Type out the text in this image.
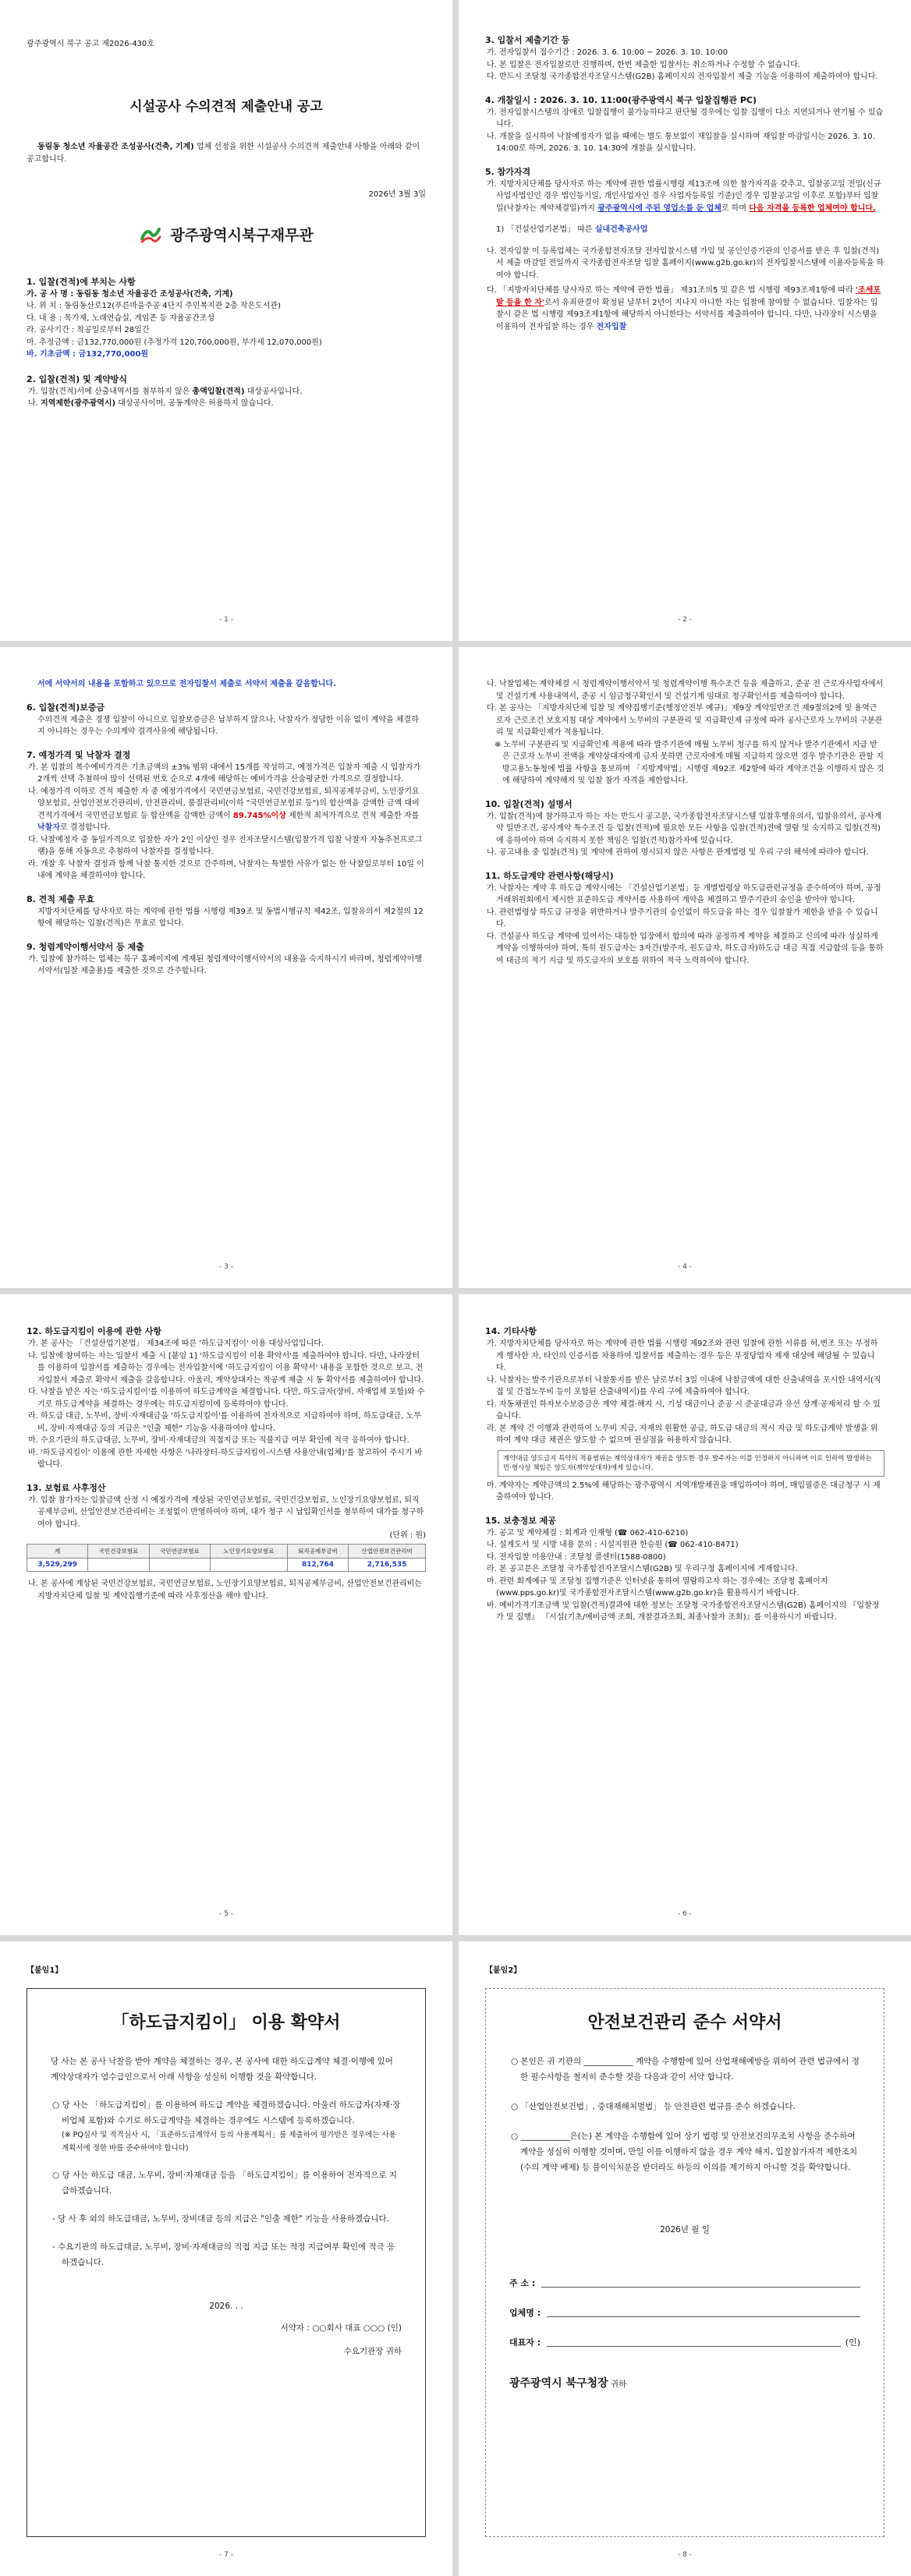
광주광역시 북구 공고 제2026-430호
시설공사 수의견적 제출안내 공고
동림동 청소년 자율공간 조성공사(건축, 기계) 업체 선정을 위한 시설공사 수의견적 제출안내 사항을 아래와 같이 공고합니다.
2026년 3월 3일
광주광역시북구재무관
1. 입찰(견적)에 부치는 사항
가. 공 사 명 : 동림동 청소년 자율공간 조성공사(건축, 기계)
나. 위 치 : 동림동산로12(푸른마을주공 4단지 주민복지관 2층 작은도서관)
다. 내 용 : 목가재, 노래연습실, 게임존 등 자율공간조성
라. 공사기간 : 착공일로부터 28일간
마. 추정금액 : 금132,770,000원 (추정가격 120,700,000원, 부가세 12,070,000원)
바. 기초금액 : 금132,770,000원
2. 입찰(견적) 및 계약방식
가. 입찰(견적)서에 산출내역서를 첨부하지 않은 총액입찰(견적) 대상공사입니다.
나. 지역제한(광주광역시) 대상공사이며, 공동계약은 허용하지 않습니다.
- 1 -
3. 입찰서 제출기간 등
가. 전자입찰서 접수기간 : 2026. 3. 6. 10:00 ~ 2026. 3. 10. 10:00
나. 본 입찰은 전자입찰로만 진행하며, 한번 제출한 입찰서는 취소하거나 수정할 수 없습니다.
다. 반드시 조달청 국가종합전자조달시스템(G2B) 홈페이지의 전자입찰서 제출 기능을 이용하여 제출하여야 합니다.
4. 개찰일시 : 2026. 3. 10. 11:00(광주광역시 북구 입찰집행관 PC)
가. 전자입찰시스템의 장애로 입찰집행이 불가능하다고 판단될 경우에는 입찰 집행이 다소 지연되거나 연기될 수 있습니다.
나. 개찰을 실시하여 낙찰예정자가 없을 때에는 별도 통보없이 재입찰을 실시하며 재입찰 마감일시는 2026. 3. 10. 14:00로 하며, 2026. 3. 10. 14:30에 개찰을 실시합니다.
5. 참가자격
가. 지방자치단체를 당사자로 하는 계약에 관한 법률시행령 제13조에 의한 참가자격을 갖추고, 입찰공고일 전일(신규사업자법인인 경우 법인등기일, 개인사업자인 경우 사업자등록일 기준)인 경우 입찰공고일 이후로 포함)부터 입찰일(낙찰자는 계약체결일)까지 광주광역시에 주된 영업소를 둔 업체로 하며 다음 자격을 등록한 업체여야 합니다.
1) 「건설산업기본법」 따른 실내건축공사업
나. 전자입찰 이 등록업체는 국가종합전자조달 전자입찰시스템 가입 및 공인인증기관의 인증서를 받은 후 입찰(견적)서 제출 마감일 전일까지 국가종합전자조달 입찰 홈페이지(www.g2b.go.kr)의 전자입찰시스템에 이용자등록을 하여야 합니다.
다. 「지방자치단체를 당사자로 하는 계약에 관한 법률」 제31조의5 및 같은 법 시행령 제93조제1항에 따라 '조세포탈 등을 한 자'로서 유죄판결이 확정된 날부터 2년이 지나지 아니한 자는 입찰에 참여할 수 없습니다. 입찰자는 입찰시 같은 법 시행령 제93조제1항에 해당하지 아니한다는 서약서를 제출하여야 합니다. 다만, 나라장터 시스템을 이용하여 전자입찰 하는 경우 전자입찰
- 2 -
서에 서약서의 내용을 포함하고 있으므로 전자입찰서 제출로 서약서 제출을 갈음합니다.
6. 입찰(견적)보증금
수의견적 제출은 경쟁 입찰이 아니므로 입찰보증금은 납부하지 않으나, 낙찰자가 정당한 이유 없이 계약을 체결하지 아니하는 경우는 수의계약 결격사유에 해당됩니다.
7. 예정가격 및 낙찰자 결정
가. 본 입찰의 복수예비가격은 기초금액의 ±3% 범위 내에서 15개를 작성하고, 예정가격은 입찰자 제출 시 입찰자가 2개씩 선택 추첨하여 많이 선택된 번호 순으로 4개에 해당하는 예비가격을 산술평균한 가격으로 결정합니다.
나. 예정가격 이하로 견적 제출한 자 중 예정가격에서 국민연금보험료, 국민건강보험료, 퇴직공제부금비, 노인장기요양보험료, 산업안전보건관리비, 안전관리비, 품질관리비(이하 "국민연금보험료 등")의 합산액을 감액한 금액 대비 견적가격에서 국민연금보험료 등 합산액을 감액한 금액이 89.745%이상 제한적 최저가격으로 견적 제출한 자를 낙찰자로 결정합니다.
다. 낙찰예정자 중 동일가격으로 입찰한 자가 2인 이상인 경우 전자조달시스템(입찰가격 입찰 낙찰자 자동추천프로그램)을 통해 자동으로 추첨하여 낙찰자를 결정합니다.
라. 개찰 후 낙찰자 결정과 함께 낙찰 통지한 것으로 간주하며, 낙찰자는 특별한 사유가 없는 한 낙찰일로부터 10일 이내에 계약을 체결하여야 합니다.
8. 견적 제출 무효
지방자치단체를 당사자로 하는 계약에 관한 법률 시행령 제39조 및 동법시행규칙 제42조, 입찰유의서 제2절의 12항에 해당하는 입찰(견적)은 무효로 합니다.
9. 청렴계약이행서약서 등 제출
가. 입찰에 참가하는 업체는 북구 홈페이지에 게재된 청렴계약이행서약서의 내용을 숙지하시기 바라며, 청렴계약이행서약서(입찰 제출용)를 제출한 것으로 간주합니다.
- 3 -
나. 낙찰업체는 계약체결 시 청렴계약이행서약서 및 청렴계약이행 특수조건 등을 제출하고, 준공 전 근로자사업자에서 및 건설기계 사용내역서, 준공 시 임금청구확인서 및 건설기계 임대료 청구확인서를 제출하여야 합니다.
다. 본 공사는 「지방자치단체 입찰 및 계약집행기준(행정안전부 예규)」제9장 계약일반조건 제9절의2에 및 용역근로자 근로조건 보호지침 대상 계약에서 노무비의 구분관리 및 지급확인제 규정에 따라 공사근로자 노무비의 구분관리 및 지급확인제가 적용됩니다.
※ 노무비 구분관리 및 지급확인제 적용에 따라 발주기관에 매월 노무비 청구를 하지 않거나 발주기관에서 지급 받은 근로자 노무비 전액을 계약상대자에게 금지 못하면 근로자에게 매월 지급하지 않으면 경우 발주기관은 관할 지방고용노동청에 법률 사항을 통보하며 「지방계약법」시행령 제92조 제2항에 따라 계약조건을 이행하지 않은 것에 해당하여 계약해지 및 입찰 참가 자격을 제한합니다.
10. 입찰(견적) 설명서
가. 입찰(견적)에 참가하고자 하는 자는 반드시 공고문, 국가종합전자조달시스템 입찰후행유의서, 입찰유의서, 공사계약 일반조건, 공사계약 특수조건 등 입찰(견적)에 필요한 모든 사항을 입찰(견적)전에 열람 및 숙지하고 입찰(견적)에 응하여야 하며 숙지하지 못한 책임은 입찰(견적)참가자에 있습니다.
나. 공고내용 중 입찰(견적) 및 계약에 관하여 명시되지 않은 사항은 관계법령 및 우리 구의 해석에 따라야 합니다.
11. 하도급계약 관련사항(해당시)
가. 낙찰자는 계약 후 하도급 계약시에는 「건설산업기본법」등 개별법령상 하도급관련규정을 준수하여야 하며, 공정거래위원회에서 제시한 표준하도급 계약서를 사용하여 계약을 체결하고 발주기관의 승인을 받아야 합니다.
나. 관련법령상 하도급 규정을 위반하거나 발주기관의 승인없이 하도급을 하는 경우 입찰참가 제한을 받을 수 있습니다.
다. 건설공사 하도급 계약에 있어서는 대등한 입장에서 합의에 따라 공정하게 계약을 체결하고 신의에 따라 성실하게 계약을 이행하여야 하며, 특히 원도급자는 3자간(발주자, 원도급자, 하도급자)하도급 대금 직접 지급합의 등을 통하여 대금의 적기 지급 및 하도급자의 보호를 위하여 적극 노력하여야 합니다.
- 4 -
12. 하도급지킴이 이용에 관한 사항
가. 본 공사는 「건설산업기본법」 제34조에 따른 '하도급지킴이' 이용 대상사업입니다.
나. 입찰에 참여하는 자는 입찰서 제출 시 [붙임 1] '하도급지킴이 이용 확약서'를 제출하여야 합니다. 다만, 나라장터를 이용하여 입찰서를 제출하는 경우에는 전자입찰서에 '하도급지킴이 이용 확약서' 내용을 포함한 것으로 보고, 전자입찰서 제출로 확약서 제출을 갈음합니다. 아울러, 계약상대자는 착공계 제출 시 동 확약서를 제출하여야 합니다.
다. 낙찰을 받은 자는 '하도급지킴이'를 이용하여 하도급계약을 체결합니다. 다만, 하도급자(장비, 자재업체 포함)와 수기로 하도급계약을 체결하는 경우에는 하도급지킴이에 등록하여야 합니다.
라. 하도급 대금, 노무비, 장비·자재대금을 '하도급지킴이'를 이용하여 전자적으로 지급하여야 하며, 하도급대금, 노무비, 장비·자재대금 등의 지급은 "인출 제한" 기능을 사용하여야 합니다.
마. 수요기관의 하도급대금, 노무비, 장비·자재대금의 직접지급 또는 직불지급 여부 확인에 적극 응하여야 합니다.
바. '하도급지킴이' 이용에 관한 자세한 사항은 '나라장터-하도급지킴이-시스템 사용안내(업체)'를 참고하여 주시기 바랍니다.
13. 보험료 사후정산
가. 입찰 참가자는 입찰금액 산정 시 예정가격에 계상된 국민연금보험료, 국민건강보험료, 노인장기요양보험료, 퇴직공제부금비, 산업안전보건관리비는 조정없이 반영하여야 하며, 대가 청구 시 납입확인서를 첨부하여 대가를 청구하여야 합니다.
(단위 : 원)
계	국민건강보험료	국민연금보험료	노인장기요양보험료	퇴직공제부금비	산업안전보건관리비
3,529,299				812,764	2,716,535
나. 본 공사에 계상된 국민건강보험료, 국민연금보험료, 노인장기요양보험료, 퇴직공제부금비, 산업안전보건관리비는 지방자치단체 입찰 및 계약집행기준에 따라 사후정산을 해야 합니다.
- 5 -
14. 기타사항
가. 지방자치단체를 당사자로 하는 계약에 관한 법률 시행령 제92조와 관련 입찰에 관한 서류를 허,변조 또는 부정하게 행사한 자, 타인의 인증서를 차용하여 입찰서를 제출하는 경우 등은 부정당업자 제재 대상에 해당될 수 있습니다.
나. 낙찰자는 발주기관으로부터 낙찰통지를 받은 날로부터 3일 이내에 낙찰금액에 대한 산출내역을 포시한 내역서(직접 및 간접노무비 등이 포함된 산출내역서)를 우리 구에 제출하여야 합니다.
다. 자동채권인 하자보수보증금은 계약 체결·해지 시, 기성 대금이나 준공 시 준공대금과 유선 상계·공제처리 할 수 있습니다.
라. 본 계약 건 이행과 관련하여 노무비 지급, 자재의 원활한 공급, 하도급 대금의 적시 지급 및 하도급계약 발생을 위하여 계약 대금 채권은 양도할 수 없으며 권실점을 허용하지 않습니다.
계약대금 양도금지 특약의 적용범위는 계약상대자가 채권을 양도한 경우 발주자는 이를 인정하지 아니하며 이로 인하여 발생하는 민·형사상 책임은 양도자(계약상대자)에게 있습니다.
마. 계약자는 계약금액의 2.5%에 해당하는 광주광역시 지역개발채권을 매입하여야 하며, 매입필증은 대금청구 시 제출하여야 합니다.
15. 보충정보 제공
가. 공고 및 계약체결 : 회계과 인재형 (☎ 062-410-6210)
나. 설계도서 및 시방 내용 문의 : 시설지원관 한승원 (☎ 062-410-8471)
다. 전자입찰 이용안내 : 조달청 콜센터(1588-0800)
라. 본 공고문은 조달청 국가종합전자조달시스템(G2B) 및 우리구청 홈페이지에 게재합니다.
마. 관련 회계예규 및 조달청 집행기준은 인터넷을 통하여 열람하고자 하는 경우에는 조달청 홈페이지(www.pps.go.kr)및 국가종합전자조달시스템(www.g2b.go.kr)을 활용하시기 바랍니다.
바. 예비가격기초금액 및 입찰(견적)결과에 대한 정보는 조달청 국가종합전자조달시스템(G2B) 홈페이지의 『입찰정가 및 집행』 『시설(기초/예비금액 조회, 개찰결과조회, 최종낙찰자 조회)』를 이용하시기 바랍니다.
- 6 -
【붙임1】
「하도급지킴이」 이용 확약서
당 사는 본 공사 낙찰을 받아 계약을 체결하는 경우, 본 공사에 대한 하도급계약 체결·이행에 있어 계약상대자가 염수급인으로서 아래 사항을 성실히 이행함 것을 확약합니다.
○ 당 사는 「하도급지킴이」를 이용하여 하도급 계약을 체결하겠습니다. 아울러 하도급자(자재·장비업체 포함)와 수기로 하도급계약을 체결하는 경우에도 시스템에 등록하겠습니다.
(※ PQ심사 및 적격심사 시, 「표준하도급계약서 등의 사용계획서」를 제출하여 평가받은 경우에는 사용계획서에 정한 바를 준수하여야 합니다)
○ 당 사는 하도급 대금, 노무비, 장비·자재대금 등을 「하도급지킴이」를 이용하여 전자적으로 지급하겠습니다.
- 당 사 후 외의 하도급대금, 노무비, 장비대금 등의 지급은 "인출 제한" 기능을 사용하겠습니다.
- 수요기관의 하도급대금, 노무비, 장비·자재대금의 직접 지급 또는 적정 지급여부 확인에 적극 응하겠습니다.
2026. . .
서약자 : ○○회사 대표 ○○○ (인)
수요기관장 귀하
- 7 -
【붙임2】
안전보건관리 준수 서약서
○ 본인은 귀 기관의 ____________ 계약을 수행함에 있어 산업재해예방을 위하여 관련 법규에서 정한 필수사항을 철저히 준수할 것을 다음과 같이 서약 합니다.
○ 「산업안전보건법」, 중대재해처벌법」 등 안전관련 법규를 준수 하겠습니다.
○ ____________은(는) 본 계약을 수행함에 있어 상기 법령 및 안전보건의무조치 사항을 준수하여 계약을 성실히 이행할 것이며, 만일 이를 이행하지 않을 경우 계약 해지, 입찰참가자격 제한조치(수의 계약 배제) 등 불이익처분을 받더라도 하등의 이의를 제기하지 아니할 것을 확약합니다.
2026년 월 일
주 소 :
업체명 :
대표자 :	(인)
광주광역시 북구청장 귀하
- 8 -
